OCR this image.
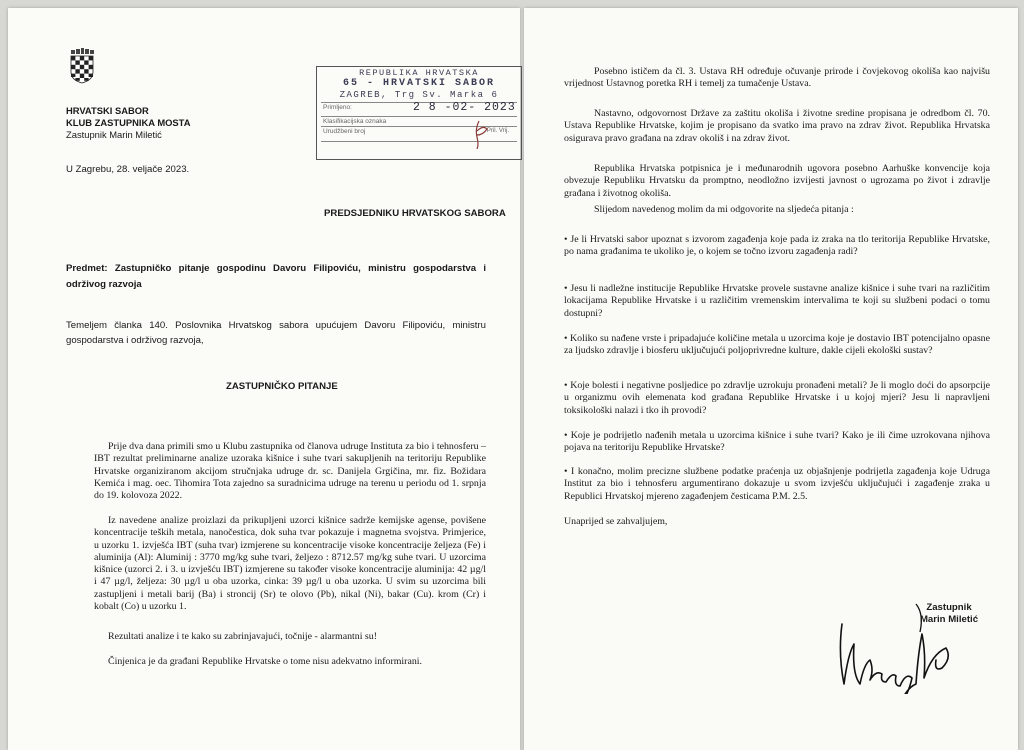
HRVATSKI SABOR
KLUB ZASTUPNIKA MOSTA
Zastupnik Marin Miletić
REPUBLIKA HRVATSKA
65 - HRVATSKI SABOR
ZAGREB, Trg Sv. Marka 6
Primljeno:	2 8 -02- 2023
Klasifikacijska oznaka
Urudžbeni broj	Pril. Vrij.
U Zagrebu, 28. veljače 2023.
PREDSJEDNIKU HRVATSKOG SABORA
Predmet: Zastupničko pitanje gospodinu Davoru Filipoviću, ministru gospodarstva i održivog razvoja
Temeljem članka 140. Poslovnika Hrvatskog sabora upućujem Davoru Filipoviću, ministru gospodarstva i održivog razvoja,
ZASTUPNIČKO PITANJE
Prije dva dana primili smo u Klubu zastupnika od članova udruge Instituta za bio i tehnosferu – IBT rezultat preliminarne analize uzoraka kišnice i suhe tvari sakupljenih na teritoriju Republike Hrvatske organiziranom akcijom stručnjaka udruge dr. sc. Danijela Grgičina, mr. fiz. Božidara Kemića i mag. oec. Tihomira Tota zajedno sa suradnicima udruge na terenu u periodu od 1. srpnja do 19. kolovoza 2022.
Iz navedene analize proizlazi da prikupljeni uzorci kišnice sadrže kemijske agense, povišene koncentracije teških metala, nanočestica, dok suha tvar pokazuje i magnetna svojstva. Primjerice, u uzorku 1. izvješća IBT (suha tvar) izmjerene su koncentracije visoke koncentracije željeza (Fe) i aluminija (Al): Aluminij : 3770 mg/kg suhe tvari, željezo : 8712.57 mg/kg suhe tvari. U uzorcima kišnice (uzorci 2. i 3. u izvješću IBT) izmjerene su također visoke koncentracije aluminija: 42 µg/l i 47 µg/l, željeza: 30 µg/l u oba uzorka, cinka: 39 µg/l u oba uzorka. U svim su uzorcima bili zastupljeni i metali barij (Ba) i stroncij (Sr) te olovo (Pb), nikal (Ni), bakar (Cu). krom (Cr) i kobalt (Co) u uzorku 1.
Rezultati analize i te kako su zabrinjavajući, točnije - alarmantni su!
Činjenica je da građani Republike Hrvatske o tome nisu adekvatno informirani.
Posebno ističem da čl. 3. Ustava RH određuje očuvanje prirode i čovjekovog okoliša kao najvišu vrijednost Ustavnog poretka RH i temelj za tumačenje Ustava.
Nastavno, odgovornost Države za zaštitu okoliša i životne sredine propisana je odredbom čl. 70. Ustava Republike Hrvatske, kojim je propisano da svatko ima pravo na zdrav život. Republika Hrvatska osigurava pravo građana na zdrav okoliš i na zdrav život.
Republika Hrvatska potpisnica je i međunarodnih ugovora posebno Aarhuške konvencije koja obvezuje Republiku Hrvatsku da promptno, neodložno izvijesti javnost o ugrozama po život i zdravlje građana i životnog okoliša.
Slijedom navedenog molim da mi odgovorite na sljedeća pitanja :
• Je li Hrvatski sabor upoznat s izvorom zagađenja koje pada iz zraka na tlo teritorija Republike Hrvatske, po nama građanima te ukoliko je, o kojem se točno izvoru zagađenja radi?
• Jesu li nadležne institucije Republike Hrvatske provele sustavne analize kišnice i suhe tvari na različitim lokacijama Republike Hrvatske i u različitim vremenskim intervalima te koji su službeni podaci o tomu dostupni?
• Koliko su nađene vrste i pripadajuće količine metala u uzorcima koje je dostavio IBT potencijalno opasne za ljudsko zdravlje i biosferu uključujući poljoprivredne kulture, dakle cijeli ekološki sustav?
• Koje bolesti i negativne posljedice po zdravlje uzrokuju pronađeni metali? Je li moglo doći do apsorpcije u organizmu ovih elemenata kod građana Republike Hrvatske i u kojoj mjeri? Jesu li napravljeni toksikološki nalazi i tko ih provodi?
• Koje je podrijetlo nađenih metala u uzorcima kišnice i suhe tvari? Kako je ili čime uzrokovana njihova pojava na teritoriju Republike Hrvatske?
• I konačno, molim precizne službene podatke praćenja uz objašnjenje podrijetla zagađenja koje Udruga Institut za bio i tehnosferu argumentirano dokazuje u svom izvješću uključujući i zagađenje zraka u Republici Hrvatskoj mjereno zagađenjem česticama P.M. 2.5.
Unaprijed se zahvaljujem,
Zastupnik
Marin Miletić
